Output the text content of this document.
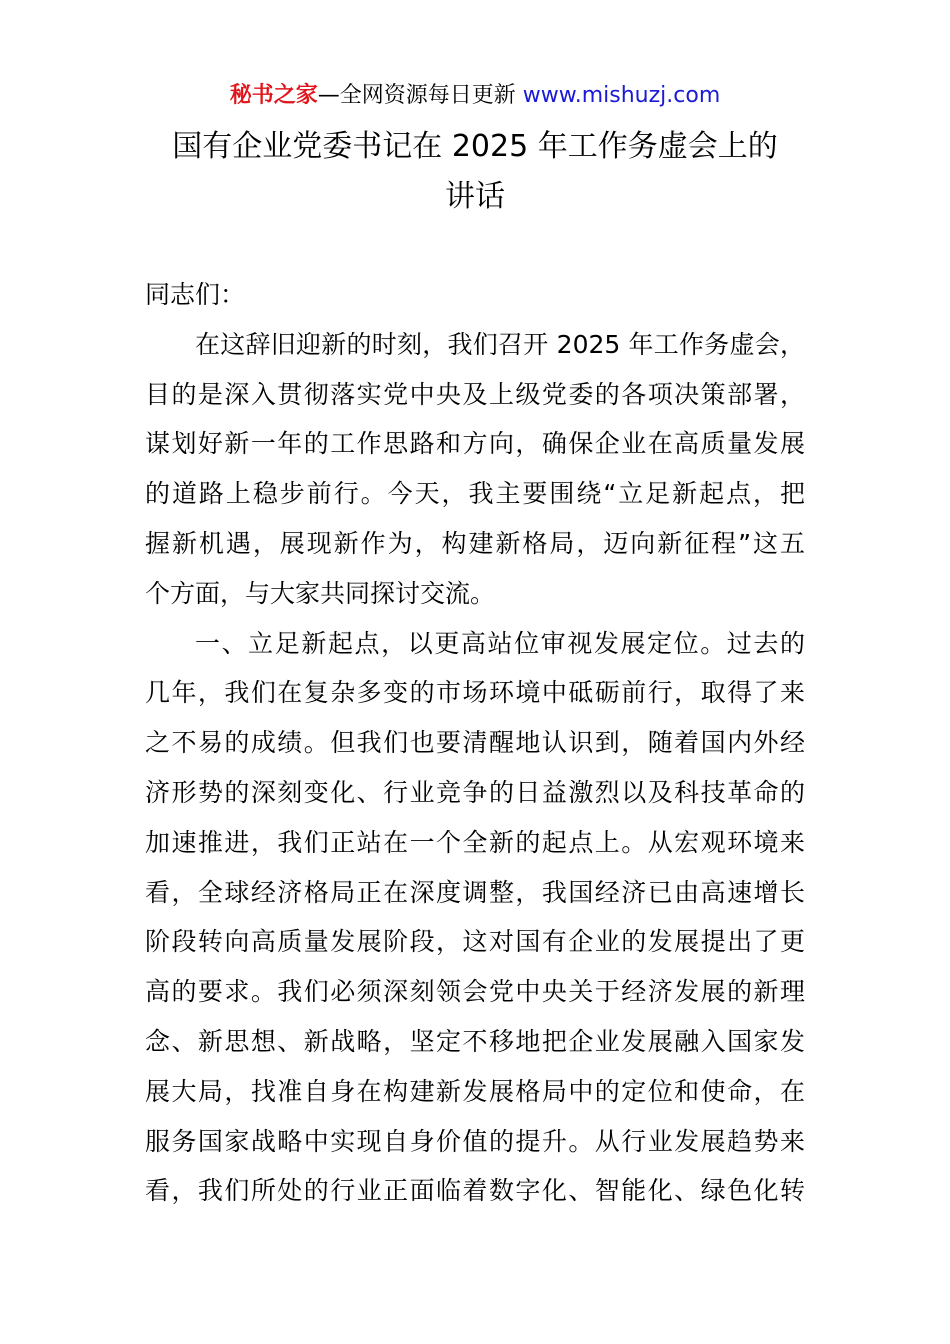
秘书之家—全网资源每日更新 www.mishuzj.com
国有企业党委书记在 2025 年工作务虚会上的
讲话
同志们：
在这辞旧迎新的时刻，我们召开 2025 年工作务虚会，
目的是深入贯彻落实党中央及上级党委的各项决策部署，
谋划好新一年的工作思路和方向，确保企业在高质量发展
的道路上稳步前行。今天，我主要围绕“立足新起点，把
握新机遇，展现新作为，构建新格局，迈向新征程”这五
个方面，与大家共同探讨交流。
一、立足新起点，以更高站位审视发展定位。过去的
几年，我们在复杂多变的市场环境中砥砺前行，取得了来
之不易的成绩。但我们也要清醒地认识到，随着国内外经
济形势的深刻变化、行业竞争的日益激烈以及科技革命的
加速推进，我们正站在一个全新的起点上。从宏观环境来
看，全球经济格局正在深度调整，我国经济已由高速增长
阶段转向高质量发展阶段，这对国有企业的发展提出了更
高的要求。我们必须深刻领会党中央关于经济发展的新理
念、新思想、新战略，坚定不移地把企业发展融入国家发
展大局，找准自身在构建新发展格局中的定位和使命，在
服务国家战略中实现自身价值的提升。从行业发展趋势来
看，我们所处的行业正面临着数字化、智能化、绿色化转
